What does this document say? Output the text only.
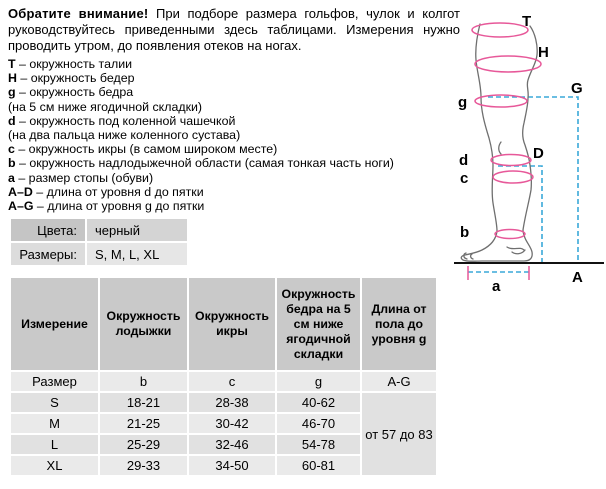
Обратите внимание! При подборе размера гольфов, чулок и колгот руководствуйтесь приведенными здесь таблицами. Измерения нужно проводить утром, до появления отеков на ногах.

T – окружность талии
H – окружность бедер
g – окружность бедра
(на 5 см ниже ягодичной складки)
d – окружность под коленной чашечкой
(на два пальца ниже коленного сустава)
c – окружность икры (в самом широком месте)
b – окружность надлодыжечной области (самая тонкая часть ноги)
a – размер стопы (обуви)
A–D – длина от уровня d до пятки
A–G – длина от уровня g до пятки
Цвета:	черный
Размеры:	S, M, L, XL
Измерение	Окружность лодыжки	Окружность икры	Окружность бедра на 5 см ниже ягодичной складки	Длина от пола до уровня g
Размер	b	c	g	A-G
S	18-21	28-38	40-62	от 57 до 83
M	21-25	30-42	46-70	
L	25-29	32-46	54-78	
XL	29-33	34-50	60-81	
T
H
G
g
D
d
c
b
A
a
